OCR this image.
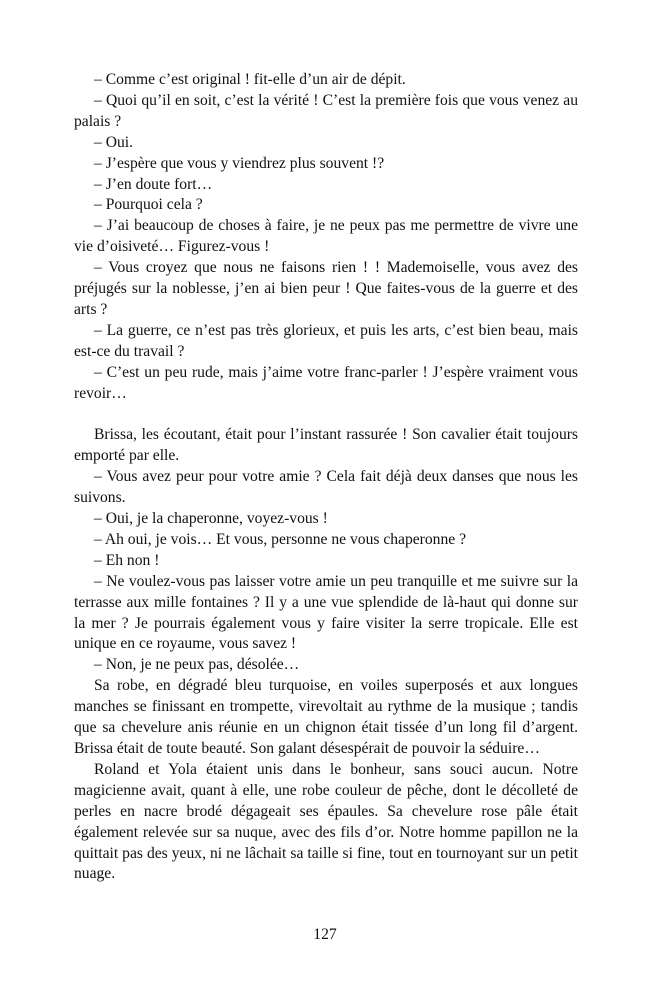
– Comme c’est original ! fit-elle d’un air de dépit.

– Quoi qu’il en soit, c’est la vérité ! C’est la première fois que vous venez au palais ?

– Oui.

– J’espère que vous y viendrez plus souvent !?

– J’en doute fort…

– Pourquoi cela ?

– J’ai beaucoup de choses à faire, je ne peux pas me permettre de vivre une vie d’oisiveté… Figurez-vous !

– Vous croyez que nous ne faisons rien ! ! Mademoiselle, vous avez des préjugés sur la noblesse, j’en ai bien peur ! Que faites-vous de la guerre et des arts ?

– La guerre, ce n’est pas très glorieux, et puis les arts, c’est bien beau, mais est-ce du travail ?

– C’est un peu rude, mais j’aime votre franc-parler ! J’espère vraiment vous revoir…

Brissa, les écoutant, était pour l’instant rassurée ! Son cavalier était toujours emporté par elle.

– Vous avez peur pour votre amie ? Cela fait déjà deux danses que nous les suivons.

– Oui, je la chaperonne, voyez-vous !

– Ah oui, je vois… Et vous, personne ne vous chaperonne ?

– Eh non !

– Ne voulez-vous pas laisser votre amie un peu tranquille et me suivre sur la terrasse aux mille fontaines ? Il y a une vue splendide de là-haut qui donne sur la mer ? Je pourrais également vous y faire visiter la serre tropicale. Elle est unique en ce royaume, vous savez !

– Non, je ne peux pas, désolée…

Sa robe, en dégradé bleu turquoise, en voiles superposés et aux longues manches se finissant en trompette, virevoltait au rythme de la musique ; tandis que sa chevelure anis réunie en un chignon était tissée d’un long fil d’argent. Brissa était de toute beauté. Son galant désespérait de pouvoir la séduire…

Roland et Yola étaient unis dans le bonheur, sans souci aucun. Notre magicienne avait, quant à elle, une robe couleur de pêche, dont le décolleté de perles en nacre brodé dégageait ses épaules. Sa chevelure rose pâle était également relevée sur sa nuque, avec des fils d’or. Notre homme papillon ne la quittait pas des yeux, ni ne lâchait sa taille si fine, tout en tournoyant sur un petit nuage.

127
